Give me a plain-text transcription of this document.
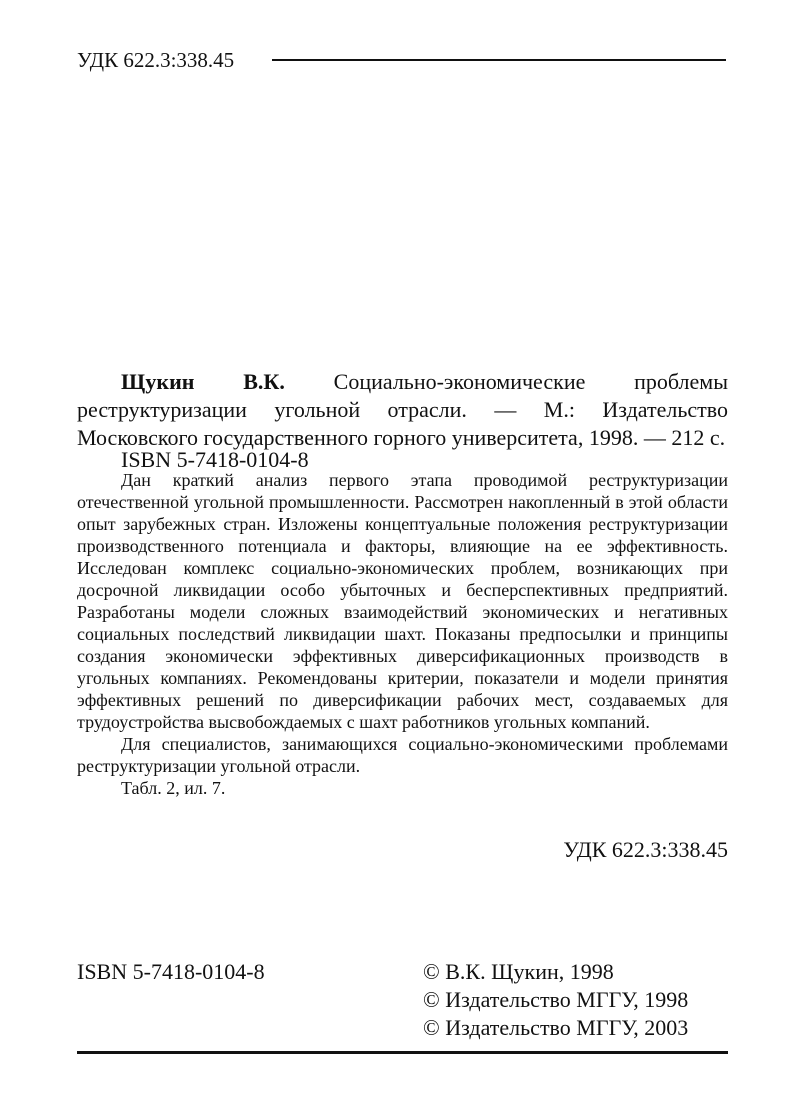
УДК 622.3:338.45
Щукин В.К. Социально-экономические проблемы реструктуризации угольной отрасли. — М.: Издательство Московского государственного горного университета, 1998. — 212 с.
ISBN 5-7418-0104-8

Дан краткий анализ первого этапа проводимой реструктуризации отечественной угольной промышленности. Рассмотрен накопленный в этой области опыт зарубежных стран. Изложены концептуальные положения реструктуризации производственного потенциала и факторы, влияющие на ее эффективность. Исследован комплекс социально-экономических проблем, возникающих при досрочной ликвидации особо убыточных и бесперспективных предприятий. Разработаны модели сложных взаимодействий экономических и негативных социальных последствий ликвидации шахт. Показаны предпосылки и принципы создания экономически эффективных диверсификационных производств в угольных компаниях. Рекомендованы критерии, показатели и модели принятия эффективных решений по диверсификации рабочих мест, создаваемых для трудоустройства высвобождаемых с шахт работников угольных компаний.

Для специалистов, занимающихся социально-экономическими проблемами реструктуризации угольной отрасли.

Табл. 2, ил. 7.

УДК 622.3:338.45
ISBN 5-7418-0104-8	© В.К. Щукин, 1998
© Издательство МГГУ, 1998
© Издательство МГГУ, 2003
